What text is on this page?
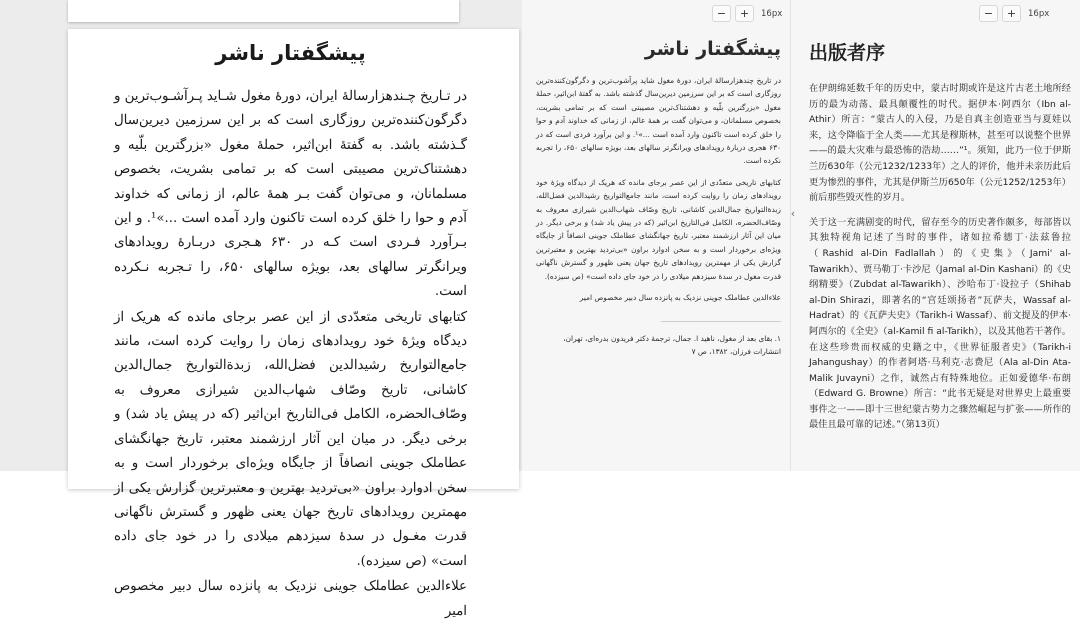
پیشگفتار ناشر

در تـاریخ چـندهزارسالهٔ ایران، دورهٔ مغول شـاید پـرآشـوب‌ترین و دگرگون‌کننده‌ترین روزگاری است که بر این سرزمین دیرین‌سال گـذشته باشد. به گفتهٔ ابن‌اثیر، حملهٔ مغول «بزرگترین بلّیه و دهشتناک‌ترین مصیبتی است که بر تمامی بشریت، بخصوص مسلمانان، و می‌توان گفت بـر همهٔ عالم، از زمانی که خداوند آدم و حوا را خلق کرده است تاکنون وارد آمده است ...»¹. و این بـرآورد فـردی است کـه در ۶۳۰ هـجری دربـارهٔ رویدادهای ویرانگرتر سالهای بعد، بویژه سالهای ۶۵۰، را تـجربه نـکرده است.

کتابهای تاریخی متعدّدی از این عصر برجای مانده که هریک از دیدگاه ویژهٔ خود رویدادهای زمان را روایت کرده است، مانند جامع‌التواریخ رشیدالدین فضل‌الله، زبدةالتواریخ جمال‌الدین کاشانی، تاریخ وصّاف شهاب‌الدین شیرازی معروف به وصّاف‌الحضره، الکامل فی‌التاریخ ابن‌اثیر (که در پیش یاد شد) و برخی دیگر. در میان این آثار ارزشمند معتبر، تاریخ جهانگشای عطاملک جوینی انصافاً از جایگاه ویژه‌ای برخوردار است و به سخن ادوارد براون «بی‌تردید بهترین و معتبرترین گزارش یکی از مهمترین رویدادهای تاریخ جهان یعنی ظهور و گسترش ناگهانی قدرت مغـول در سدهٔ سیزدهم میلادی را در خود جای داده است» (ص سیزده).

علاءالدین عطاملک جوینی نزدیک به پانزده سال دبیر مخصوص امیر

−	+	16px
پیشگفتار ناشر

در تاریخ چندهزارسالهٔ ایران، دورهٔ مغول شاید پرآشوب‌ترین و دگرگون‌کننده‌ترین روزگاری است که بر این سرزمین دیرین‌سال گذشته باشد. به گفتهٔ ابن‌اثیر، حملهٔ مغول «بزرگترین بلّیه و دهشتناک‌ترین مصیبتی است که بر تمامی بشریت، بخصوص مسلمانان، و می‌توان گفت بر همهٔ عالم، از زمانی که خداوند آدم و حوا را خلق کرده است تاکنون وارد آمده است ...»¹. و این برآورد فردی است که در ۶۳۰ هجری دربارهٔ رویدادهای ویرانگرتر سالهای بعد، بویژه سالهای ۶۵۰، را تجربه نکرده است.

کتابهای تاریخی متعدّدی از این عصر برجای مانده که هریک از دیدگاه ویژهٔ خود رویدادهای زمان را روایت کرده است، مانند جامع‌التواریخ رشیدالدین فضل‌الله، زبدةالتواریخ جمال‌الدین کاشانی، تاریخ وصّاف شهاب‌الدین شیرازی معروف به وصّاف‌الحضره، الکامل فی‌التاریخ ابن‌اثیر (که در پیش یاد شد) و برخی دیگر. در میان این آثار ارزشمند معتبر، تاریخ جهانگشای عطاملک جوینی انصافاً از جایگاه ویژه‌ای برخوردار است و به سخن ادوارد براون «بی‌تردید بهترین و معتبرترین گزارش یکی از مهمترین رویدادهای تاریخ جهان یعنی ظهور و گسترش ناگهانی قدرت مغول در سدهٔ سیزدهم میلادی را در خود جای داده است» (ص سیزده).

علاءالدین عطاملک جوینی نزدیک به پانزده سال دبیر مخصوص امیر

۱. بقای بعد از مغول، ناهید ا. جمال، ترجمهٔ دکتر فریدون بدره‌ای، تهران، انتشارات فرزان، ۱۳۸۲، ص ۷

‹
−	+	16px
出版者序

在伊朗绵延数千年的历史中，蒙古时期或许是这片古老土地所经历的最为动荡、最具颠覆性的时代。据伊本·阿西尔（Ibn al-Athir）所言：“蒙古人的入侵，乃是自真主创造亚当与夏娃以来，这令降临于全人类——尤其是穆斯林，甚至可以说整个世界——的最大灾难与最恐怖的浩劫……”¹。须知，此乃一位于伊斯兰历630年（公元1232/1233年）之人的评价，他并未亲历此后更为惨烈的事件，尤其是伊斯兰历650年（公元1252/1253年）前后那些毁灭性的岁月。

关于这一充满剧变的时代，留存至今的历史著作颇多，每部皆以其独特视角记述了当时的事件，诸如拉希德丁·法兹鲁拉（Rashid al-Din Fadlallah）的《史集》（Jami' al-Tawarikh）、贾马勒丁·卡沙尼（Jamal al-Din Kashani）的《史纲精要》（Zubdat al-Tawarikh）、沙哈布丁·设拉子（Shihab al-Din Shirazi，即著名的“宫廷颂扬者”瓦萨夫，Wassaf al-Hadrat）的《瓦萨夫史》（Tarikh-i Wassaf）、前文提及的伊本·阿西尔的《全史》（al-Kamil fi al-Tarikh），以及其他若干著作。在这些珍贵而权威的史籍之中，《世界征服者史》（Tarikh-i Jahangushay）的作者阿塔·马利克·志费尼（Ala al-Din Ata-Malik Juvayni）之作，诚然占有特殊地位。正如爱德华·布朗（Edward G. Browne）所言：“此书无疑是对世界史上最重要事件之一——即十三世纪蒙古势力之骤然崛起与扩张——所作的最佳且最可靠的记述。”（第13页）
